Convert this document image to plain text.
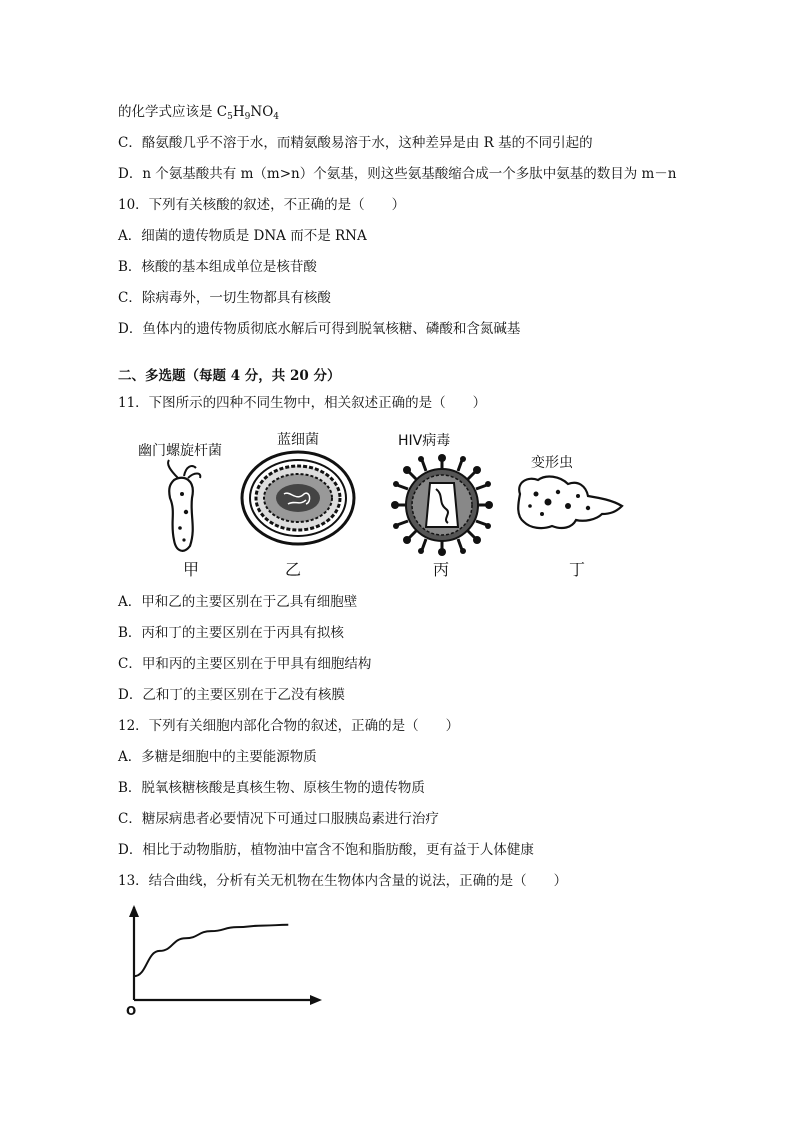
的化学式应该是 $C_5H_9NO_4$
C．酪氨酸几乎不溶于水，而精氨酸易溶于水，这种差异是由 R 基的不同引起的
D．n 个氨基酸共有 m（m>n）个氨基，则这些氨基酸缩合成一个多肽中氨基的数目为 m－n
10．下列有关核酸的叙述，不正确的是（　　）
A．细菌的遗传物质是 DNA 而不是 RNA
B．核酸的基本组成单位是核苷酸
C．除病毒外，一切生物都具有核酸
D．鱼体内的遗传物质彻底水解后可得到脱氧核糖、磷酸和含氮碱基
二、多选题（每题 4 分，共 20 分）
11．下图所示的四种不同生物中，相关叙述正确的是（　　）
幽门螺旋杆菌
蓝细菌	HIV病毒
变形虫
甲	乙	丙	丁
A．甲和乙的主要区别在于乙具有细胞壁
B．丙和丁的主要区别在于丙具有拟核
C．甲和丙的主要区别在于甲具有细胞结构
D．乙和丁的主要区别在于乙没有核膜
12．下列有关细胞内部化合物的叙述，正确的是（　　）
A．多糖是细胞中的主要能源物质
B．脱氧核糖核酸是真核生物、原核生物的遗传物质
C．糖尿病患者必要情况下可通过口服胰岛素进行治疗
D．相比于动物脂肪，植物油中富含不饱和脂肪酸，更有益于人体健康
13．结合曲线，分析有关无机物在生物体内含量的说法，正确的是（　　）
O
